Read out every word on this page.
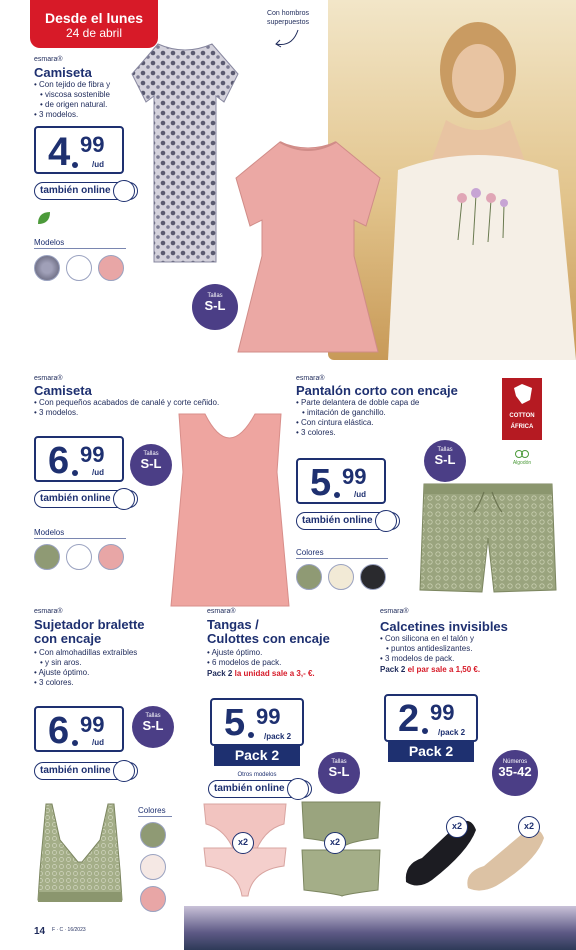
Desde el lunes
24 de abril
Con hombros
superpuestos
esmara®
Camiseta
• Con tejido de fibra y
• viscosa sostenible
• de origen natural.
• 3 modelos.
4 99
/ud
también online
Modelos
Tallas
S-L
esmara®
Camiseta
• Con pequeños acabados de canalé y corte ceñido.
• 3 modelos.
6 99
/ud
Tallas
S-L
también online
Modelos
esmara®
Pantalón corto con encaje
• Parte delantera de doble capa de
• imitación de ganchillo.
• Con cintura elástica.
• 3 colores.
5 99
/ud
también online
Colores
Tallas
S-L
COTTON
ÁFRICA
Algodón
esmara®
Sujetador bralette
con encaje
• Con almohadillas extraíbles
• y sin aros.
• Ajuste óptimo.
• 3 colores.
6 99
/ud
Tallas
S-L
también online
Colores
esmara®
Tangas /
Culottes con encaje
• Ajuste óptimo.
• 6 modelos de pack.
Pack 2 la unidad sale a 3,- €.
5 99
/pack 2
Pack 2
Otros modelos
también online
Tallas
S-L
x2	x2
esmara®
Calcetines invisibles
• Con silicona en el talón y
• puntos antideslizantes.
• 3 modelos de pack.
Pack 2 el par sale a 1,50 €.
2 99
/pack 2
Pack 2
Números
35-42
x2	x2
14 F · C · 16/2023
